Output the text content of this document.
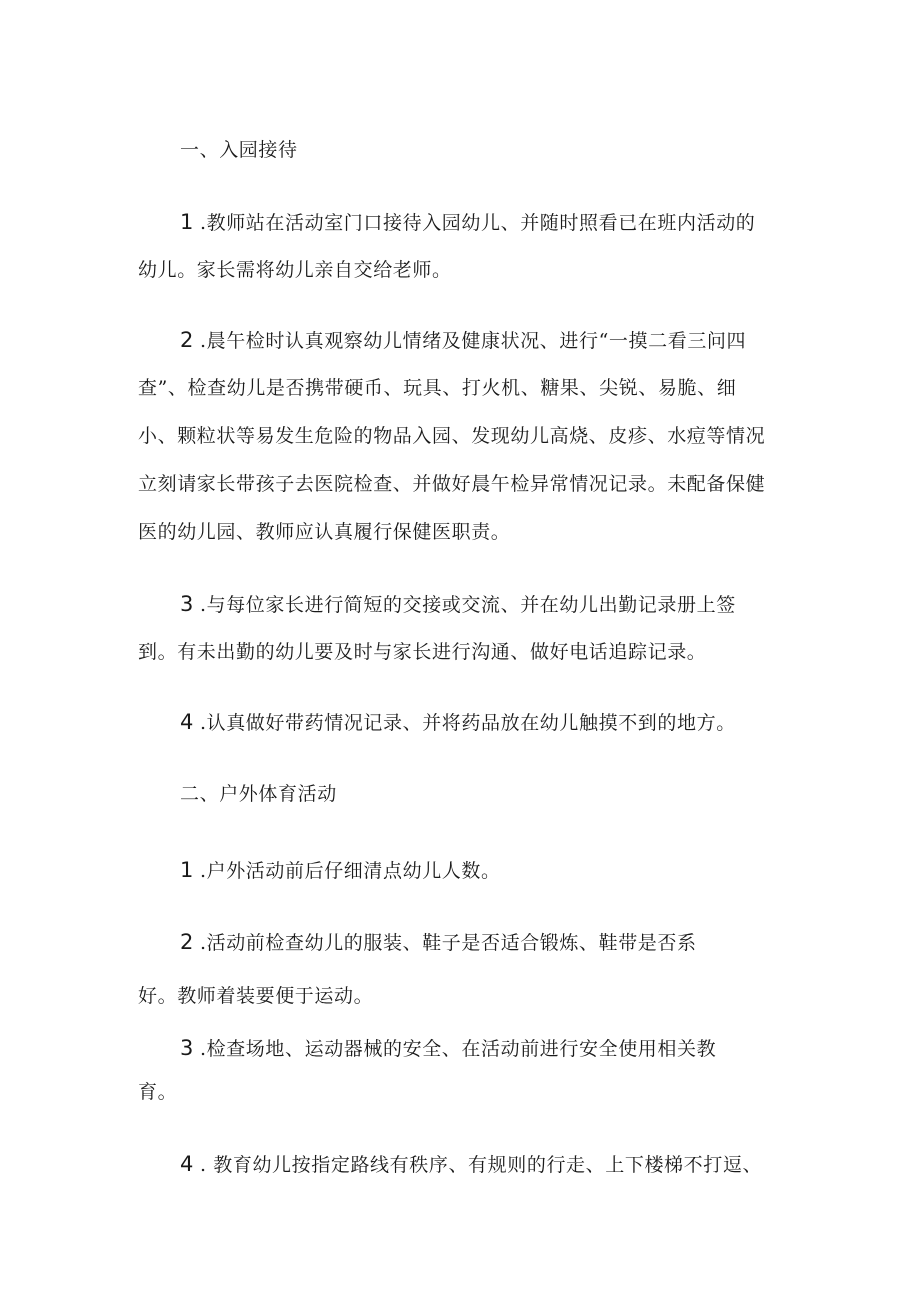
一、入园接待
1 .教师站在活动室门口接待入园幼儿、并随时照看已在班内活动的
幼儿。家长需将幼儿亲自交给老师。
2 .晨午检时认真观察幼儿情绪及健康状况、进行“一摸二看三问四
查”、检查幼儿是否携带硬币、玩具、打火机、糖果、尖锐、易脆、细
小、颗粒状等易发生危险的物品入园、发现幼儿高烧、皮疹、水痘等情况
立刻请家长带孩子去医院检查、并做好晨午检异常情况记录。未配备保健
医的幼儿园、教师应认真履行保健医职责。
3 .与每位家长进行简短的交接或交流、并在幼儿出勤记录册上签
到。有未出勤的幼儿要及时与家长进行沟通、做好电话追踪记录。
4 .认真做好带药情况记录、并将药品放在幼儿触摸不到的地方。
二、户外体育活动
1 .户外活动前后仔细清点幼儿人数。
2 .活动前检查幼儿的服装、鞋子是否适合锻炼、鞋带是否系
好。教师着装要便于运动。
3 .检查场地、运动器械的安全、在活动前进行安全使用相关教
育。
4 . 教育幼儿按指定路线有秩序、有规则的行走、上下楼梯不打逗、
